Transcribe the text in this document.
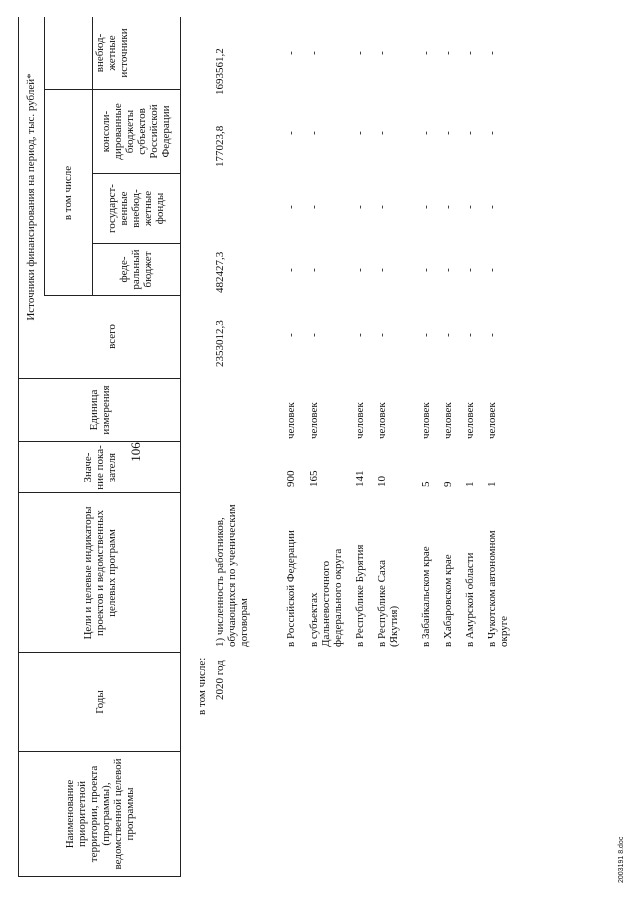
106
2003191 8.doc
Наименование приоритетной территории, проекта (программы), ведомственной целевой программы
Годы
Цели и целевые индикаторы проектов и ведомственных целевых программ
Значе- ние пока- зателя
Единица измерения
Источники финансирования на период, тыс. рублей*
всего
в том числе
феде- ральный бюджет
государст- венные внебюд- жетные фонды
консоли- дированные бюджеты субъектов Российской Федерации
внебюд- жетные источники
в том числе: 2020 год
1) численность работников, обучающихся по ученическим договорам
2353012,3
482427,3
177023,8
1693561,2
в Российской Федерации
900
человек
-
-
-
-
-
в субъектах Дальневосточного федерального округа
165
человек
-
-
-
-
-
в Республике Бурятия
141
человек
-
-
-
-
-
в Республике Саха (Якутия)
10
человек
-
-
-
-
-
в Забайкальском крае
5
человек
-
-
-
-
-
в Хабаровском крае
9
человек
-
-
-
-
-
в Амурской области
1
человек
-
-
-
-
-
в Чукотском автономном округе
1
человек
-
-
-
-
-
